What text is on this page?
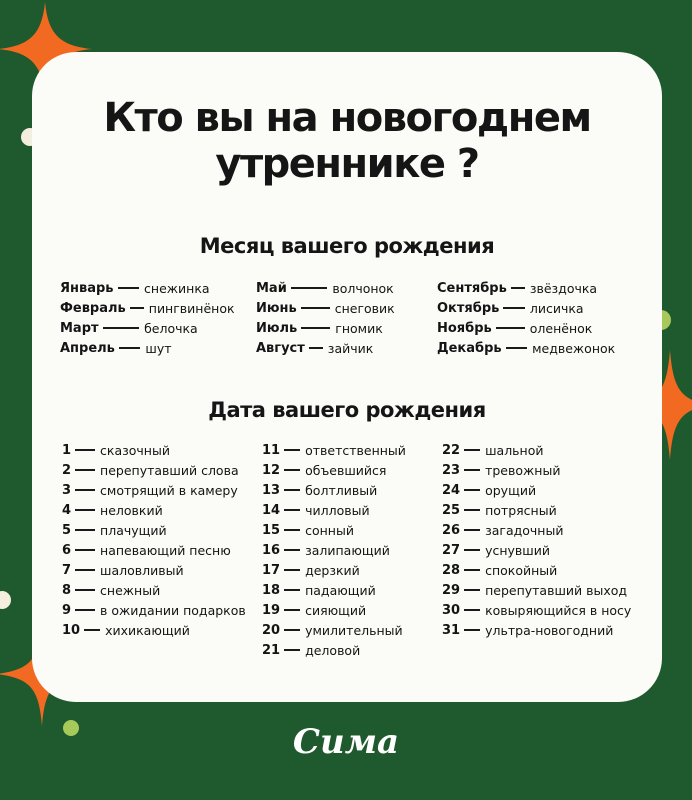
Кто вы на новогоднем
утреннике ?
Месяц вашего рождения
Январь снежинка
Февраль пингвинёнок
Март	белочка
Апрель шут
Май	волчонок
Июнь	снеговик
Июль	гномик
Август зайчик
Сентябрь звёздочка
Октябрь лисичка
Ноябрь	оленёнок
Декабрь медвежонок
Дата вашего рождения
1 сказочный
2 перепутавший слова
3 смотрящий в камеру
4 неловкий
5 плачущий
6 напевающий песню
7 шаловливый
8 снежный
9 в ожидании подарков
10 хихикающий
11 ответственный
12 объевшийся
13 болтливый
14 чилловый
15 сонный
16 залипающий
17 дерзкий
18 падающий
19 сияющий
20 умилительный
21 деловой
22 шальной
23 тревожный
24 орущий
25 потрясный
26 загадочный
27 уснувший
28 спокойный
29 перепутавший выход
30 ковыряющийся в носу
31 ультра-новогодний
Сима
